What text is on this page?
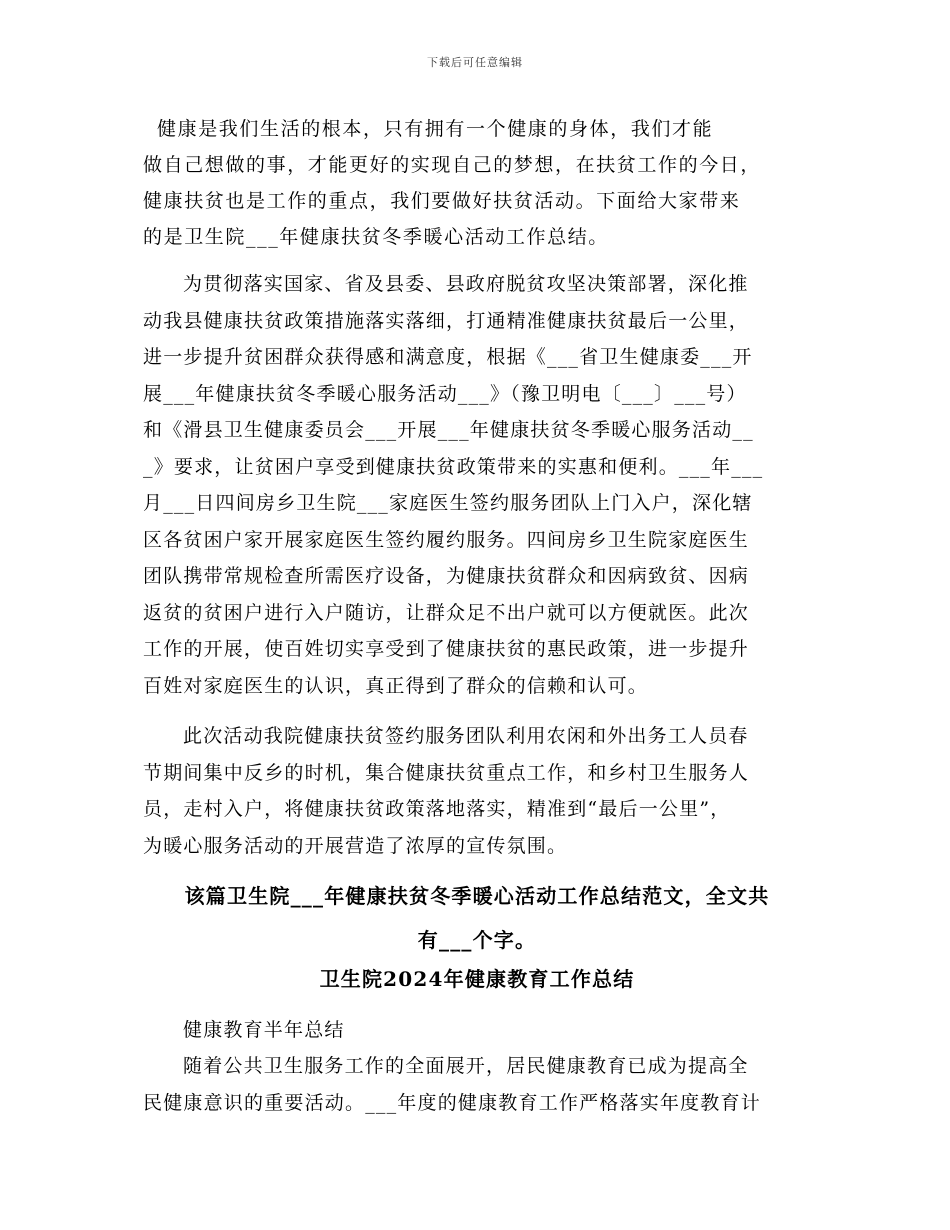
下载后可任意编辑
健康是我们生活的根本，只有拥有一个健康的身体，我们才能
做自己想做的事，才能更好的实现自己的梦想，在扶贫工作的今日，
健康扶贫也是工作的重点，我们要做好扶贫活动。下面给大家带来
的是卫生院___年健康扶贫冬季暖心活动工作总结。
为贯彻落实国家、省及县委、县政府脱贫攻坚决策部署，深化推
动我县健康扶贫政策措施落实落细，打通精准健康扶贫最后一公里，
进一步提升贫困群众获得感和满意度，根据《___省卫生健康委___开
展___年健康扶贫冬季暖心服务活动___》（豫卫明电〔___〕___号）
和《滑县卫生健康委员会___开展___年健康扶贫冬季暖心服务活动__
_》要求，让贫困户享受到健康扶贫政策带来的实惠和便利。___年___
月___日四间房乡卫生院___家庭医生签约服务团队上门入户，深化辖
区各贫困户家开展家庭医生签约履约服务。四间房乡卫生院家庭医生
团队携带常规检查所需医疗设备，为健康扶贫群众和因病致贫、因病
返贫的贫困户进行入户随访，让群众足不出户就可以方便就医。此次
工作的开展，使百姓切实享受到了健康扶贫的惠民政策，进一步提升
百姓对家庭医生的认识，真正得到了群众的信赖和认可。
此次活动我院健康扶贫签约服务团队利用农闲和外出务工人员春
节期间集中反乡的时机，集合健康扶贫重点工作，和乡村卫生服务人
员，走村入户，将健康扶贫政策落地落实，精准到“最后一公里”，
为暖心服务活动的开展营造了浓厚的宣传氛围。
该篇卫生院___年健康扶贫冬季暖心活动工作总结范文，全文共
有___个字。
卫生院2024年健康教育工作总结
健康教育半年总结
随着公共卫生服务工作的全面展开，居民健康教育已成为提高全
民健康意识的重要活动。___年度的健康教育工作严格落实年度教育计
